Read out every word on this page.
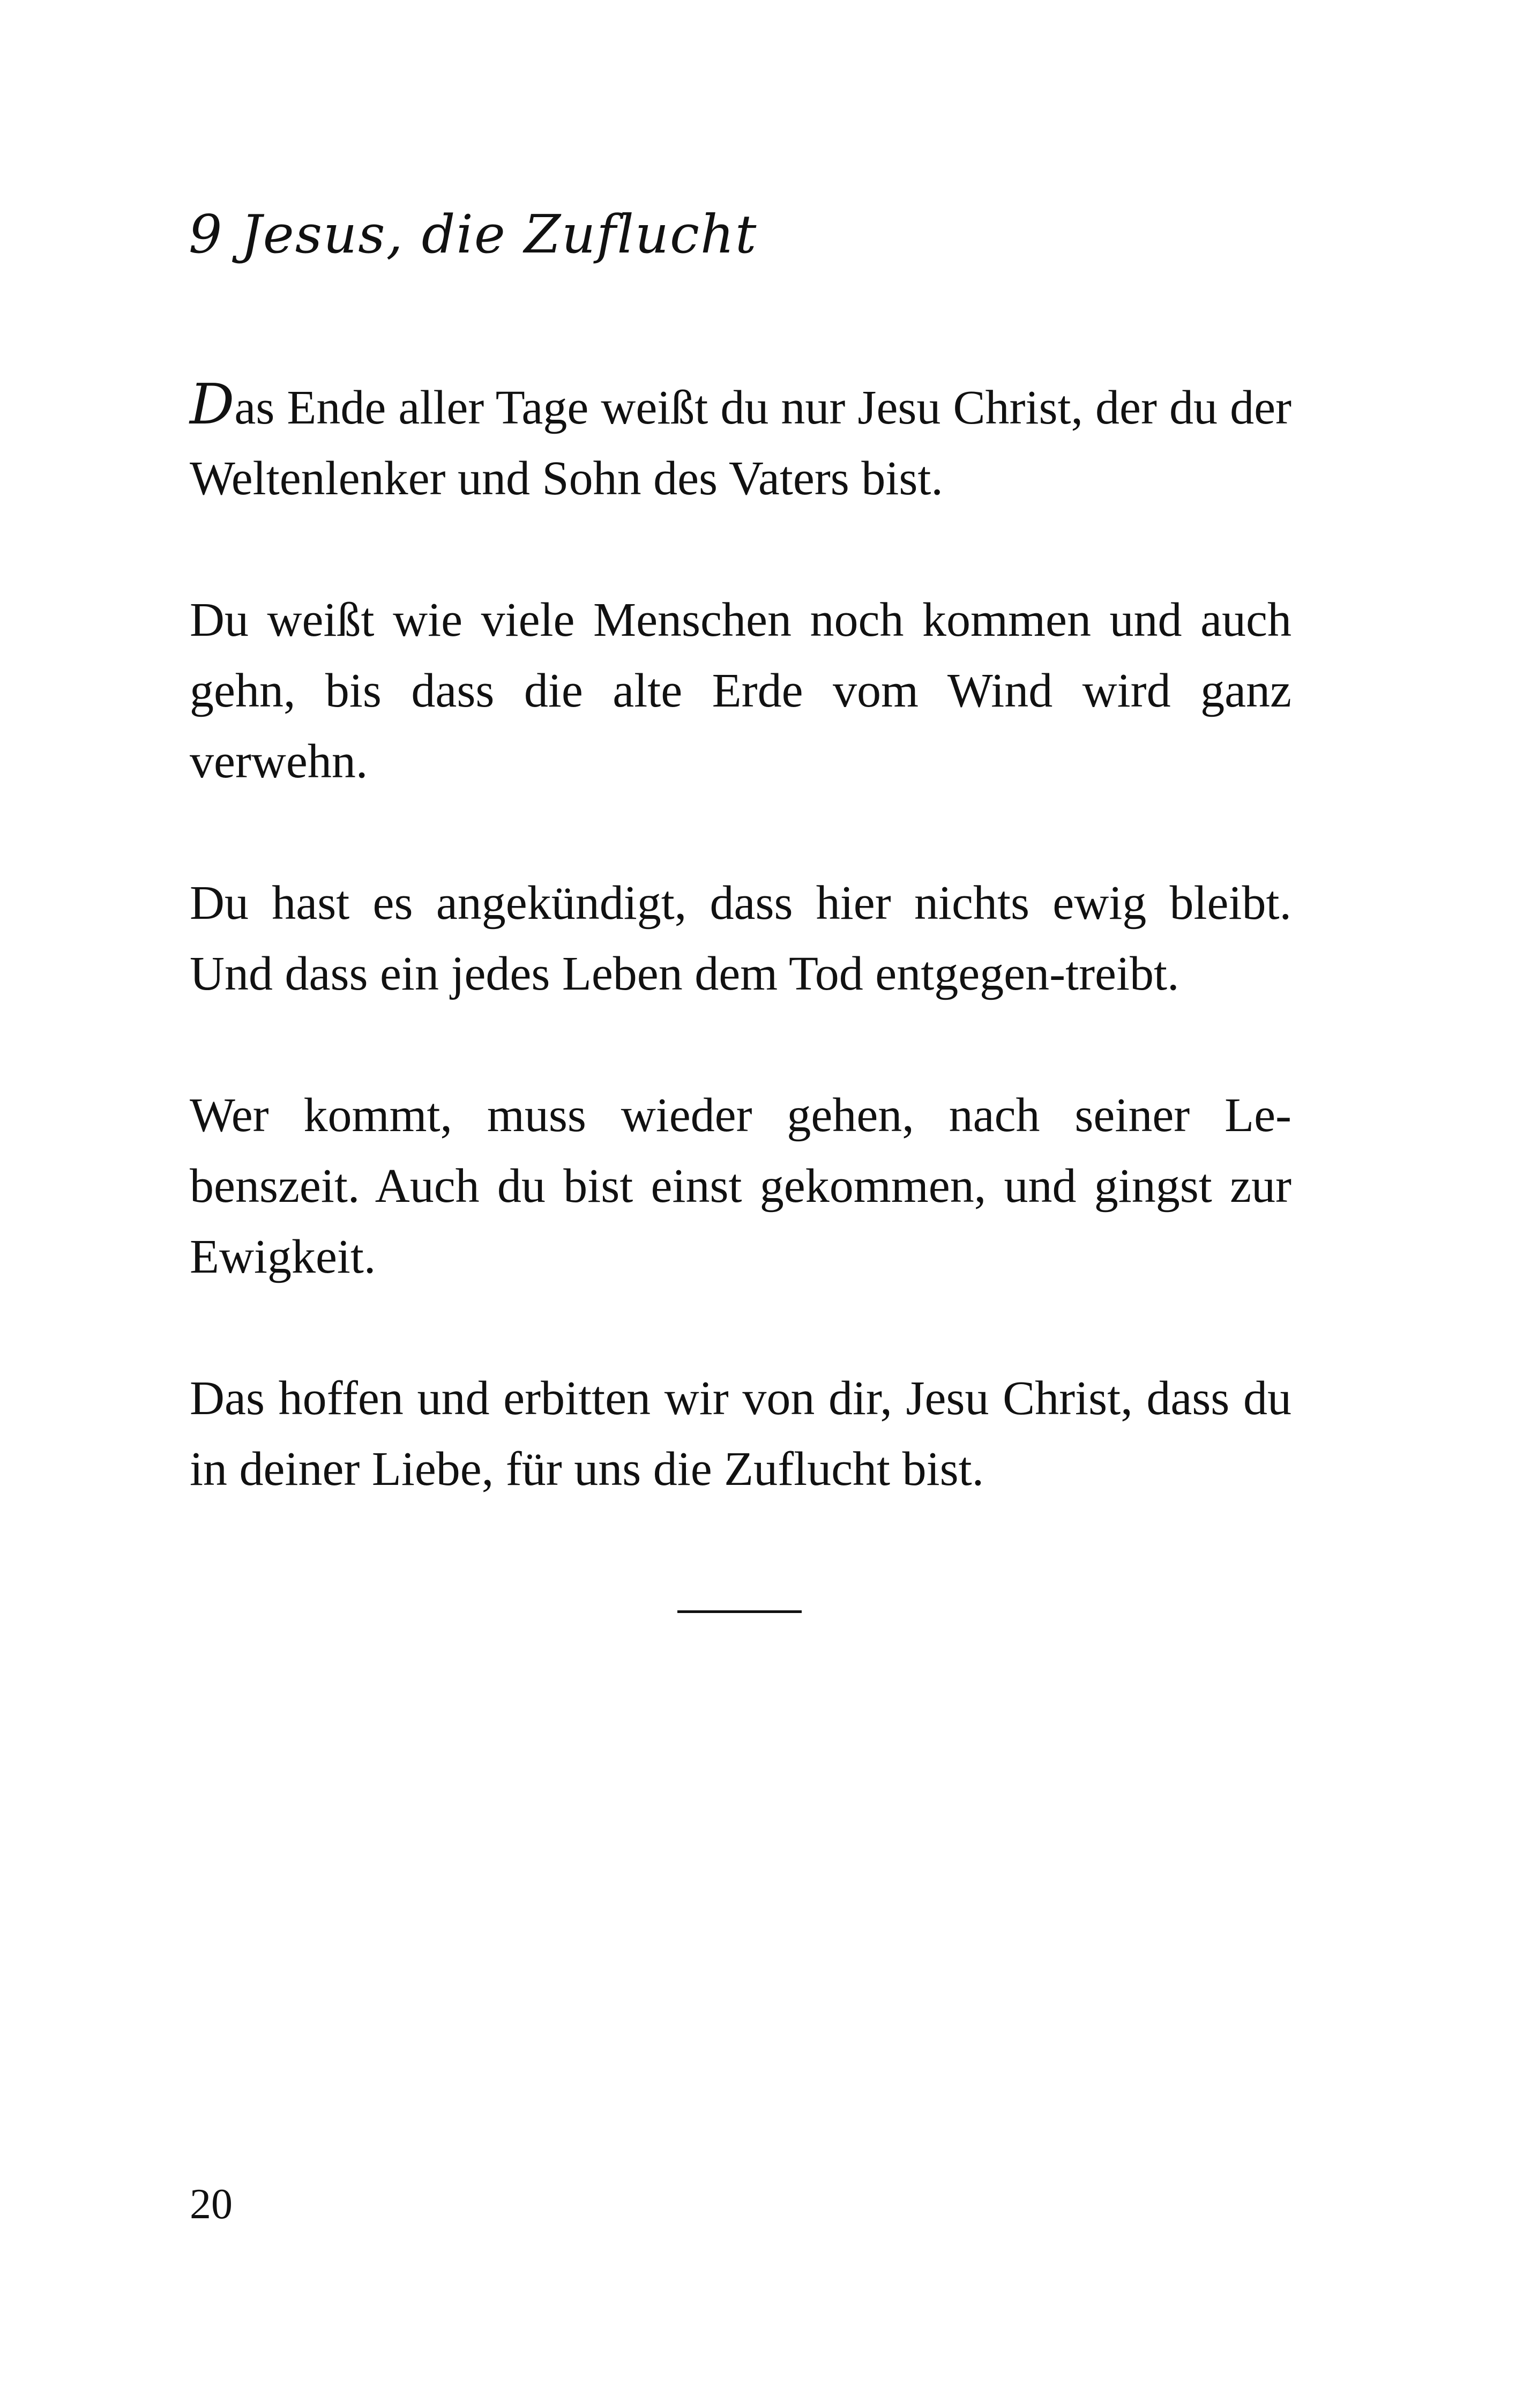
9 Jesus, die Zuflucht

Das Ende aller Tage weißt du nur Jesu Christ, der du der Weltenlenker und Sohn des Vaters bist.

Du weißt wie viele Menschen noch kommen und auch gehn, bis dass die alte Erde vom Wind wird ganz verwehn.

Du hast es angekündigt, dass hier nichts ewig bleibt. Und dass ein jedes Leben dem Tod entgegen-treibt.

Wer kommt, muss wieder gehen, nach seiner Le-benszeit. Auch du bist einst gekommen, und gingst zur Ewigkeit.

Das hoffen und erbitten wir von dir, Jesu Christ, dass du in deiner Liebe, für uns die Zuflucht bist.

20
